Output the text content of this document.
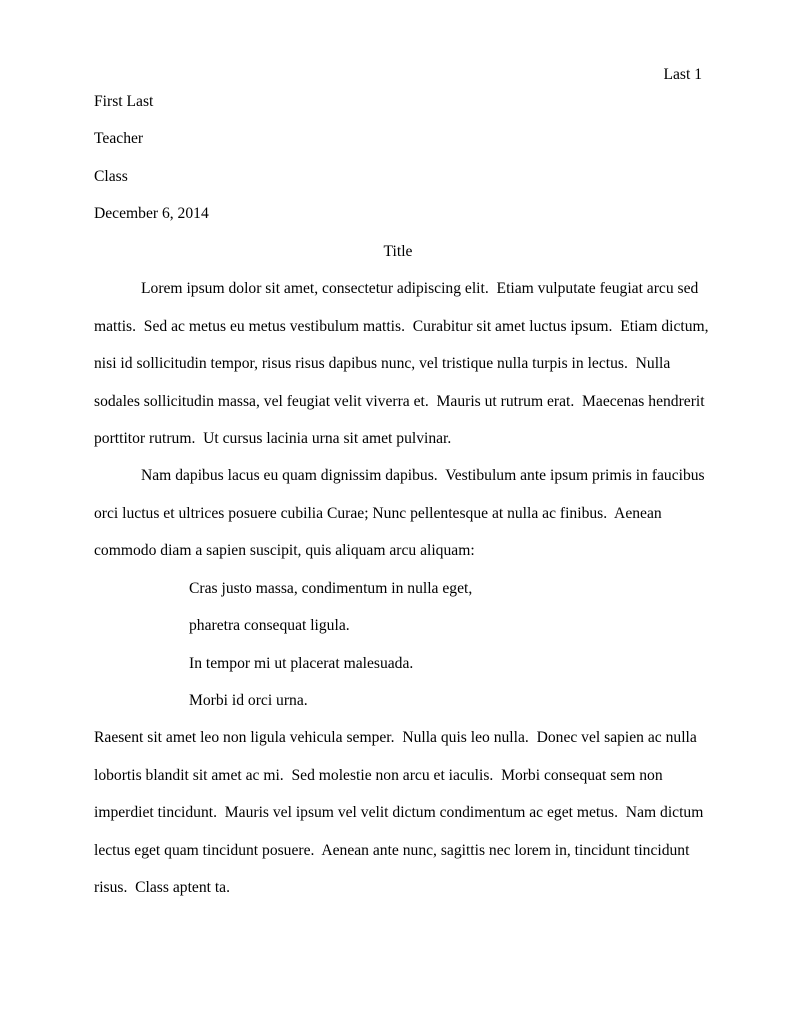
Last 1

First Last
Teacher
Class
December 6, 2014
Title
Lorem ipsum dolor sit amet, consectetur adipiscing elit.  Etiam vulputate feugiat arcu sed
mattis.  Sed ac metus eu metus vestibulum mattis.  Curabitur sit amet luctus ipsum.  Etiam dictum,
nisi id sollicitudin tempor, risus risus dapibus nunc, vel tristique nulla turpis in lectus.  Nulla
sodales sollicitudin massa, vel feugiat velit viverra et.  Mauris ut rutrum erat.  Maecenas hendrerit
porttitor rutrum.  Ut cursus lacinia urna sit amet pulvinar.
Nam dapibus lacus eu quam dignissim dapibus.  Vestibulum ante ipsum primis in faucibus
orci luctus et ultrices posuere cubilia Curae; Nunc pellentesque at nulla ac finibus.  Aenean
commodo diam a sapien suscipit, quis aliquam arcu aliquam:
Cras justo massa, condimentum in nulla eget,
pharetra consequat ligula.
In tempor mi ut placerat malesuada.
Morbi id orci urna.
Raesent sit amet leo non ligula vehicula semper.  Nulla quis leo nulla.  Donec vel sapien ac nulla
lobortis blandit sit amet ac mi.  Sed molestie non arcu et iaculis.  Morbi consequat sem non
imperdiet tincidunt.  Mauris vel ipsum vel velit dictum condimentum ac eget metus.  Nam dictum
lectus eget quam tincidunt posuere.  Aenean ante nunc, sagittis nec lorem in, tincidunt tincidunt
risus.  Class aptent ta.
